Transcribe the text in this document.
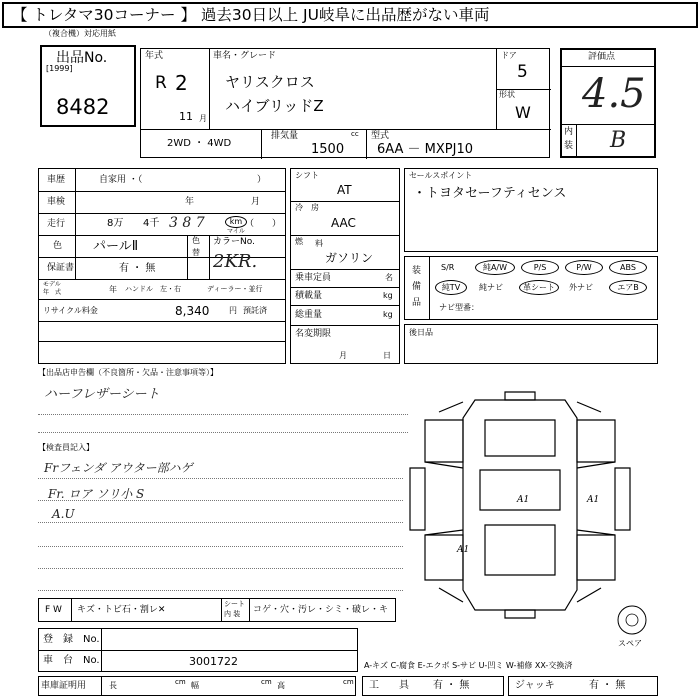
【 トレタマ30コーナー 】 過去30日以上 JU岐阜に出品歴がない車両
（複合機）対応用紙
出品No.
[1999]
8482
年式
R 2
11 月
車名・グレード
ヤリスクロス
ハイブリッドZ
ドア
5
形状
W
2WD ・ 4WD
排気量	cc
1500
型式
6AA － MXPJ10
評価点
4.5
内
装 B
車歴	自家用 ・（	）
車検	年	月
走行	8万 4千 3 8 7	km
マイル
（　　）
色 パールⅡ	色
替
カラーNo.
2KR.
保証書	有 ・ 無
モデル
年　式	年 ハンドル　左・右	ディーラー・並行
リサイクル料金	8,340 円 預託済
シフト
AT
冷　房
AAC
燃 料
ガソリン
乗車定員	名
積載量	kg
総重量	kg
名変期限
月	日
セールスポイント
・トヨタセーフティセンス
装
備
品
S/R	純A/W	P/S	P/W	ABS
純TV	純ナビ	革シート	外ナビ	エアB
ナビ型番：
後日品
【出品店申告欄（不良箇所・欠品・注意事項等）】
ハーフレザーシート
【検査員記入】
Frフェンダ アウター部ハゲ
Fr. ロア ソリ小 S
A.U
A1	A1
A1
スペア
F W キズ・トビ石・割レ✕
シート
内 装 コゲ・穴・汚レ・シミ・破レ・キ
登　録　No.
車　台　No.	3001722	A-キズ C-腐食 E-エクボ S-サビ U-凹ミ W-補修 XX-交換済
車庫証明用	長	cm 幅	cm 高	cm 工　　具 有 ・ 無	ジャッキ	有 ・ 無
